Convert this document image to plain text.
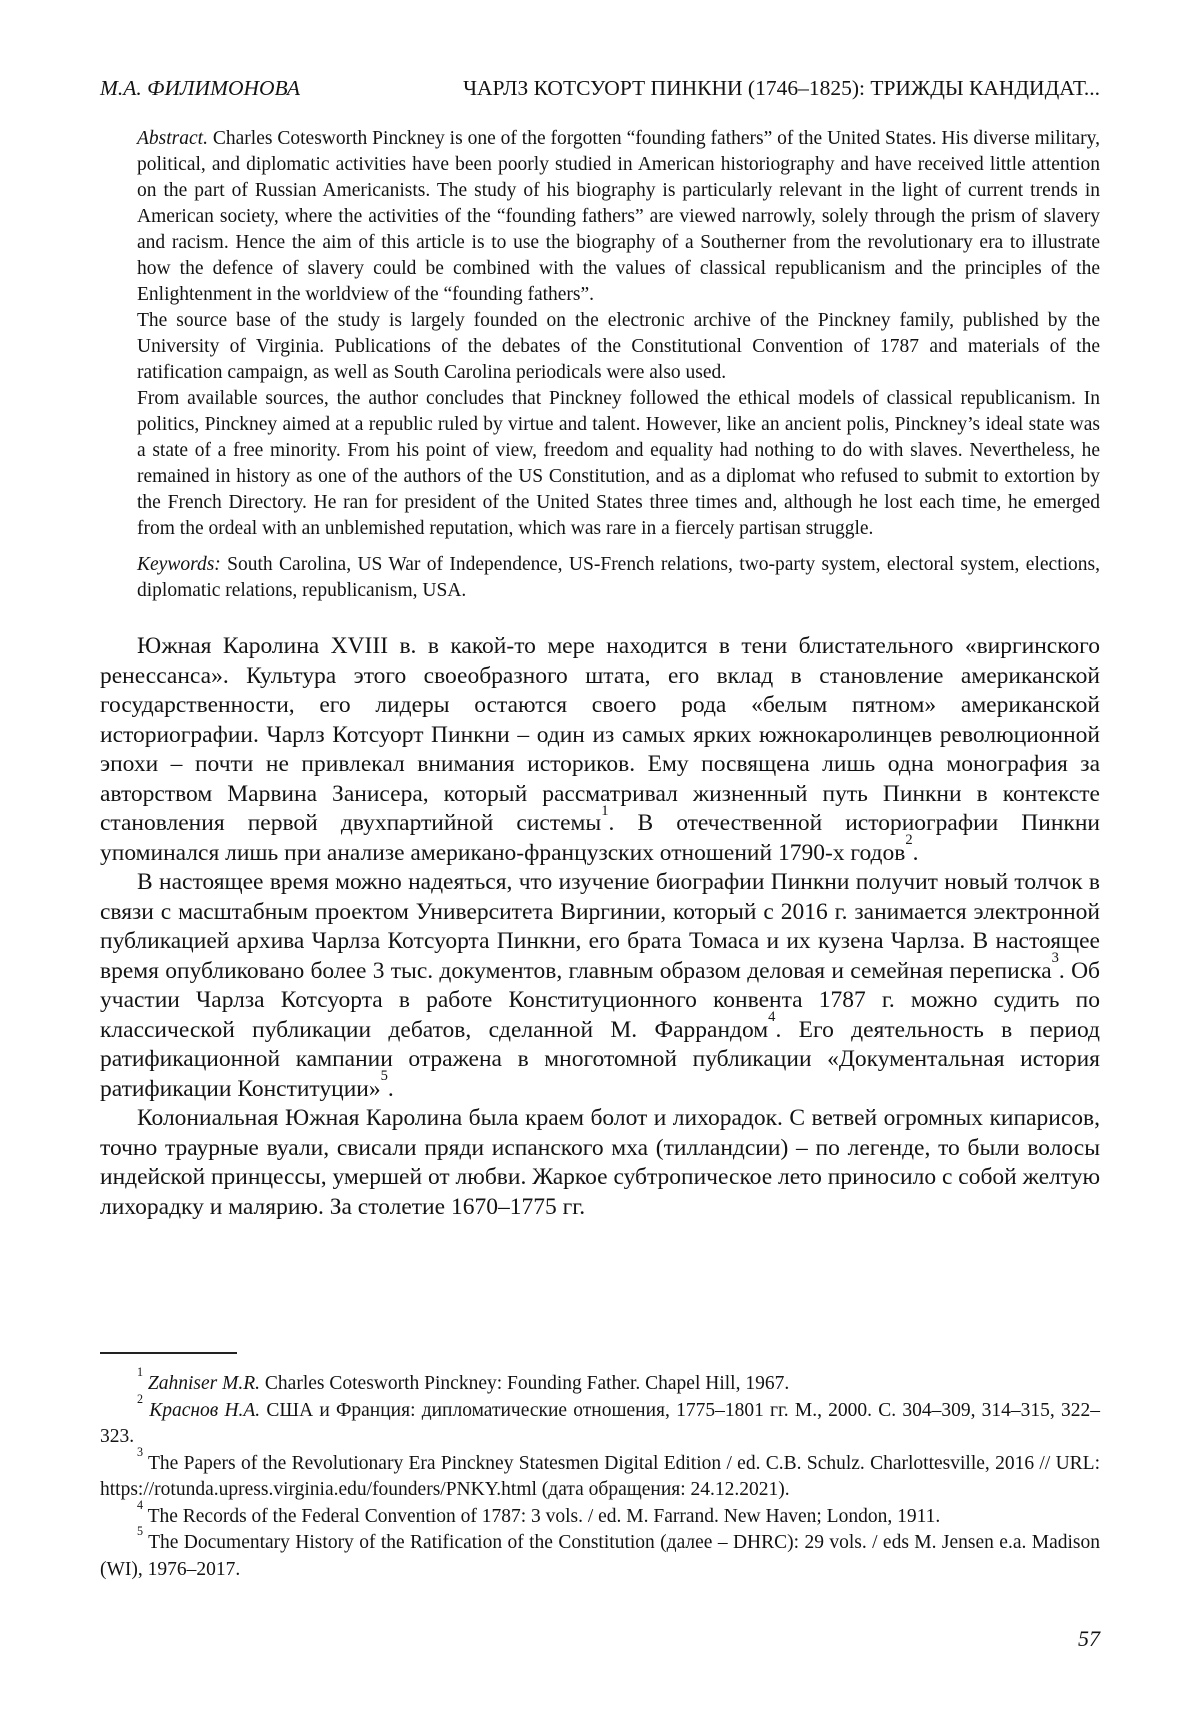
М.А. ФИЛИМОНОВА	ЧАРЛЗ КОТСУОРТ ПИНКНИ (1746–1825): ТРИЖДЫ КАНДИДАТ...

Abstract. Charles Cotesworth Pinckney is one of the forgotten “founding fathers” of the United States. His diverse military, political, and diplomatic activities have been poorly studied in American historiography and have received little attention on the part of Russian Americanists. The study of his biography is particularly relevant in the light of current trends in American society, where the activities of the “founding fathers” are viewed narrowly, solely through the prism of slavery and racism. Hence the aim of this article is to use the biography of a Southerner from the revolutionary era to illustrate how the defence of slavery could be combined with the values of classical republicanism and the principles of the Enlightenment in the worldview of the “founding fathers”.

The source base of the study is largely founded on the electronic archive of the Pinckney family, published by the University of Virginia. Publications of the debates of the Constitutional Convention of 1787 and materials of the ratification campaign, as well as South Carolina periodicals were also used.

From available sources, the author concludes that Pinckney followed the ethical models of classical republicanism. In politics, Pinckney aimed at a republic ruled by virtue and talent. However, like an ancient polis, Pinckney’s ideal state was a state of a free minority. From his point of view, freedom and equality had nothing to do with slaves. Nevertheless, he remained in history as one of the authors of the US Constitution, and as a diplomat who refused to submit to extortion by the French Directory. He ran for president of the United States three times and, although he lost each time, he emerged from the ordeal with an unblemished reputation, which was rare in a fiercely partisan struggle.

Keywords: South Carolina, US War of Independence, US-French relations, two-party system, electoral system, elections, diplomatic relations, republicanism, USA.

Южная Каролина XVIII в. в какой-то мере находится в тени блистательного «виргинского ренессанса». Культура этого своеобразного штата, его вклад в становление американской государственности, его лидеры остаются своего рода «белым пятном» американской историографии. Чарлз Котсуорт Пинкни – один из самых ярких южнокаролинцев революционной эпохи – почти не привлекал внимания историков. Ему посвящена лишь одна монография за авторством Марвина Занисера, который рассматривал жизненный путь Пинкни в контексте становления первой двухпартийной системы$^1$. В отечественной историографии Пинкни упоминался лишь при анализе американо-французских отношений 1790-х годов$^2$.

В настоящее время можно надеяться, что изучение биографии Пинкни получит новый толчок в связи с масштабным проектом Университета Виргинии, который с 2016 г. занимается электронной публикацией архива Чарлза Котсуорта Пинкни, его брата Томаса и их кузена Чарлза. В настоящее время опубликовано более 3 тыс. документов, главным образом деловая и семейная переписка$^3$. Об участии Чарлза Котсуорта в работе Конституционного конвента 1787 г. можно судить по классической публикации дебатов, сделанной М. Фаррандом$^4$. Его деятельность в период ратификационной кампании отражена в многотомной публикации «Документальная история ратификации Конституции»$^5$.

Колониальная Южная Каролина была краем болот и лихорадок. С ветвей огромных кипарисов, точно траурные вуали, свисали пряди испанского мха (тилландсии) – по легенде, то были волосы индейской принцессы, умершей от любви. Жаркое субтропическое лето приносило с собой желтую лихорадку и малярию. За столетие 1670–1775 гг.

$^1$ Zahniser M.R. Charles Cotesworth Pinckney: Founding Father. Chapel Hill, 1967.

$^2$ Краснов Н.А. США и Франция: дипломатические отношения, 1775–1801 гг. М., 2000. С. 304–309, 314–315, 322–323.

$^3$ The Papers of the Revolutionary Era Pinckney Statesmen Digital Edition / ed. C.B. Schulz. Charlottesville, 2016 // URL: https://rotunda.upress.virginia.edu/founders/PNKY.html (дата обращения: 24.12.2021).

$^4$ The Records of the Federal Convention of 1787: 3 vols. / ed. M. Farrand. New Haven; London, 1911.

$^5$ The Documentary History of the Ratification of the Constitution (далее – DHRC): 29 vols. / eds M. Jensen e.a. Madison (WI), 1976–2017.

57
